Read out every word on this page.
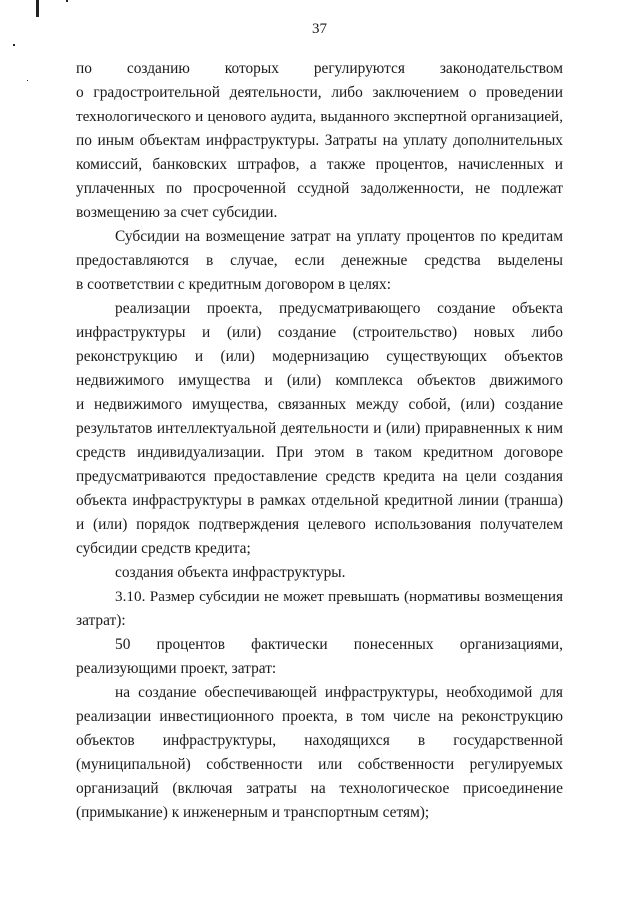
37
по созданию которых регулируются законодательством
о градостроительной деятельности, либо заключением о проведении
технологического и ценового аудита, выданного экспертной организацией,
по иным объектам инфраструктуры. Затраты на уплату дополнительных
комиссий, банковских штрафов, а также процентов, начисленных и
уплаченных по просроченной ссудной задолженности, не подлежат
возмещению за счет субсидии.
Субсидии на возмещение затрат на уплату процентов по кредитам
предоставляются в случае, если денежные средства выделены
в соответствии с кредитным договором в целях:
реализации проекта, предусматривающего создание объекта
инфраструктуры и (или) создание (строительство) новых либо
реконструкцию и (или) модернизацию существующих объектов
недвижимого имущества и (или) комплекса объектов движимого
и недвижимого имущества, связанных между собой, (или) создание
результатов интеллектуальной деятельности и (или) приравненных к ним
средств индивидуализации. При этом в таком кредитном договоре
предусматриваются предоставление средств кредита на цели создания
объекта инфраструктуры в рамках отдельной кредитной линии (транша)
и (или) порядок подтверждения целевого использования получателем
субсидии средств кредита;
создания объекта инфраструктуры.
3.10. Размер субсидии не может превышать (нормативы возмещения
затрат):
50 процентов фактически понесенных организациями,
реализующими проект, затрат:
на создание обеспечивающей инфраструктуры, необходимой для
реализации инвестиционного проекта, в том числе на реконструкцию
объектов инфраструктуры, находящихся в государственной
(муниципальной) собственности или собственности регулируемых
организаций (включая затраты на технологическое присоединение
(примыкание) к инженерным и транспортным сетям);
